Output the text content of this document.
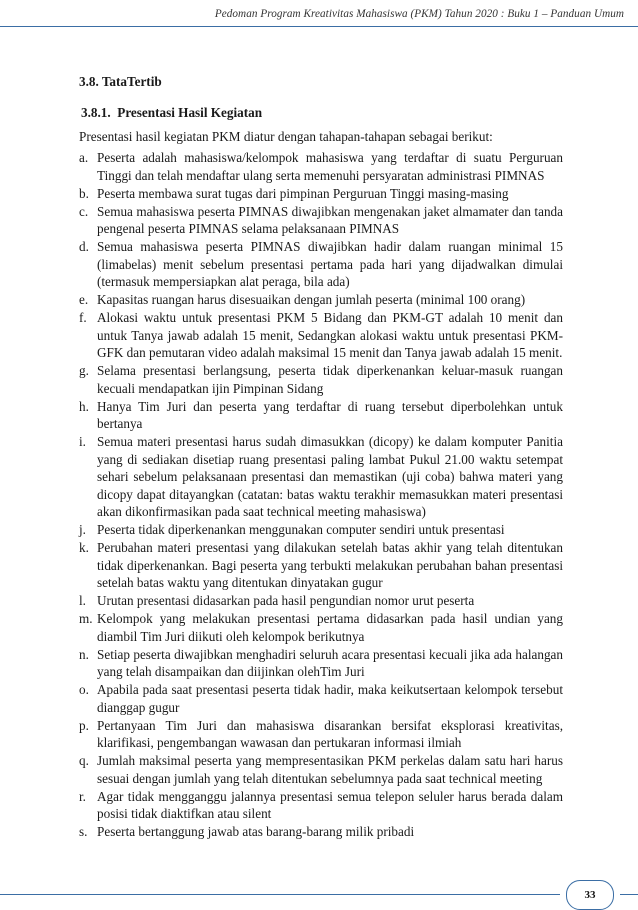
Pedoman Program Kreativitas Mahasiswa (PKM) Tahun 2020 : Buku 1 – Panduan Umum
3.8. TataTertib
3.8.1. Presentasi Hasil Kegiatan
Presentasi hasil kegiatan PKM diatur dengan tahapan-tahapan sebagai berikut:
a. Peserta adalah mahasiswa/kelompok mahasiswa yang terdaftar di suatu Perguruan Tinggi dan telah mendaftar ulang serta memenuhi persyaratan administrasi PIMNAS
b. Peserta membawa surat tugas dari pimpinan Perguruan Tinggi masing-masing
c. Semua mahasiswa peserta PIMNAS diwajibkan mengenakan jaket almamater dan tanda pengenal peserta PIMNAS selama pelaksanaan PIMNAS
d. Semua mahasiswa peserta PIMNAS diwajibkan hadir dalam ruangan minimal 15 (limabelas) menit sebelum presentasi pertama pada hari yang dijadwalkan dimulai (termasuk mempersiapkan alat peraga, bila ada)
e. Kapasitas ruangan harus disesuaikan dengan jumlah peserta (minimal 100 orang)
f. Alokasi waktu untuk presentasi PKM 5 Bidang dan PKM-GT adalah 10 menit dan untuk Tanya jawab adalah 15 menit, Sedangkan alokasi waktu untuk presentasi PKM-GFK dan pemutaran video adalah maksimal 15 menit dan Tanya jawab adalah 15 menit.
g. Selama presentasi berlangsung, peserta tidak diperkenankan keluar-masuk ruangan kecuali mendapatkan ijin Pimpinan Sidang
h. Hanya Tim Juri dan peserta yang terdaftar di ruang tersebut diperbolehkan untuk bertanya
i. Semua materi presentasi harus sudah dimasukkan (dicopy) ke dalam komputer Panitia yang di sediakan disetiap ruang presentasi paling lambat Pukul 21.00 waktu setempat sehari sebelum pelaksanaan presentasi dan memastikan (uji coba) bahwa materi yang dicopy dapat ditayangkan (catatan: batas waktu terakhir memasukkan materi presentasi akan dikonfirmasikan pada saat technical meeting mahasiswa)
j. Peserta tidak diperkenankan menggunakan computer sendiri untuk presentasi
k. Perubahan materi presentasi yang dilakukan setelah batas akhir yang telah ditentukan tidak diperkenankan. Bagi peserta yang terbukti melakukan perubahan bahan presentasi setelah batas waktu yang ditentukan dinyatakan gugur
l. Urutan presentasi didasarkan pada hasil pengundian nomor urut peserta
m. Kelompok yang melakukan presentasi pertama didasarkan pada hasil undian yang diambil Tim Juri diikuti oleh kelompok berikutnya
n. Setiap peserta diwajibkan menghadiri seluruh acara presentasi kecuali jika ada halangan yang telah disampaikan dan diijinkan olehTim Juri
o. Apabila pada saat presentasi peserta tidak hadir, maka keikutsertaan kelompok tersebut dianggap gugur
p. Pertanyaan Tim Juri dan mahasiswa disarankan bersifat eksplorasi kreativitas, klarifikasi, pengembangan wawasan dan pertukaran informasi ilmiah
q. Jumlah maksimal peserta yang mempresentasikan PKM perkelas dalam satu hari harus sesuai dengan jumlah yang telah ditentukan sebelumnya pada saat technical meeting
r. Agar tidak mengganggu jalannya presentasi semua telepon seluler harus berada dalam posisi tidak diaktifkan atau silent
s. Peserta bertanggung jawab atas barang-barang milik pribadi
33
